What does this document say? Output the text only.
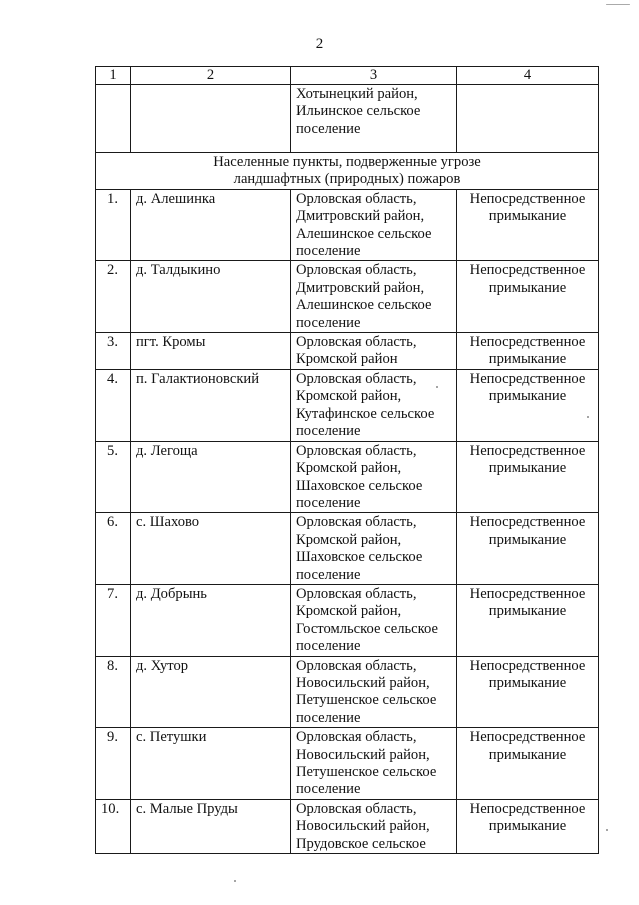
2
1	2	3	4

		Хотынецкий район,
Ильинское сельское
поселение	

Населенные пункты, подверженные угрозе
ландшафтных (природных) пожаров			

1.	д. Алешинка	Орловская область,
Дмитровский район,
Алешинское сельское
поселение	Непосредственное
примыкание

2.	д. Талдыкино	Орловская область,
Дмитровский район,
Алешинское сельское
поселение	Непосредственное
примыкание

3.	пгт. Кромы	Орловская область,
Кромской район	Непосредственное
примыкание

4.	п. Галактионовский	Орловская область,
Кромской район,
Кутафинское сельское
поселение	Непосредственное
примыкание

5.	д. Легоща	Орловская область,
Кромской район,
Шаховское сельское
поселение	Непосредственное
примыкание

6.	с. Шахово	Орловская область,
Кромской район,
Шаховское сельское
поселение	Непосредственное
примыкание

7.	д. Добрынь	Орловская область,
Кромской район,
Гостомльское сельское
поселение	Непосредственное
примыкание

8.	д. Хутор	Орловская область,
Новосильский район,
Петушенское сельское
поселение	Непосредственное
примыкание

9.	с. Петушки	Орловская область,
Новосильский район,
Петушенское сельское
поселение	Непосредственное
примыкание

10.	с. Малые Пруды	Орловская область,
Новосильский район,
Прудовское сельское	Непосредственное
примыкание
